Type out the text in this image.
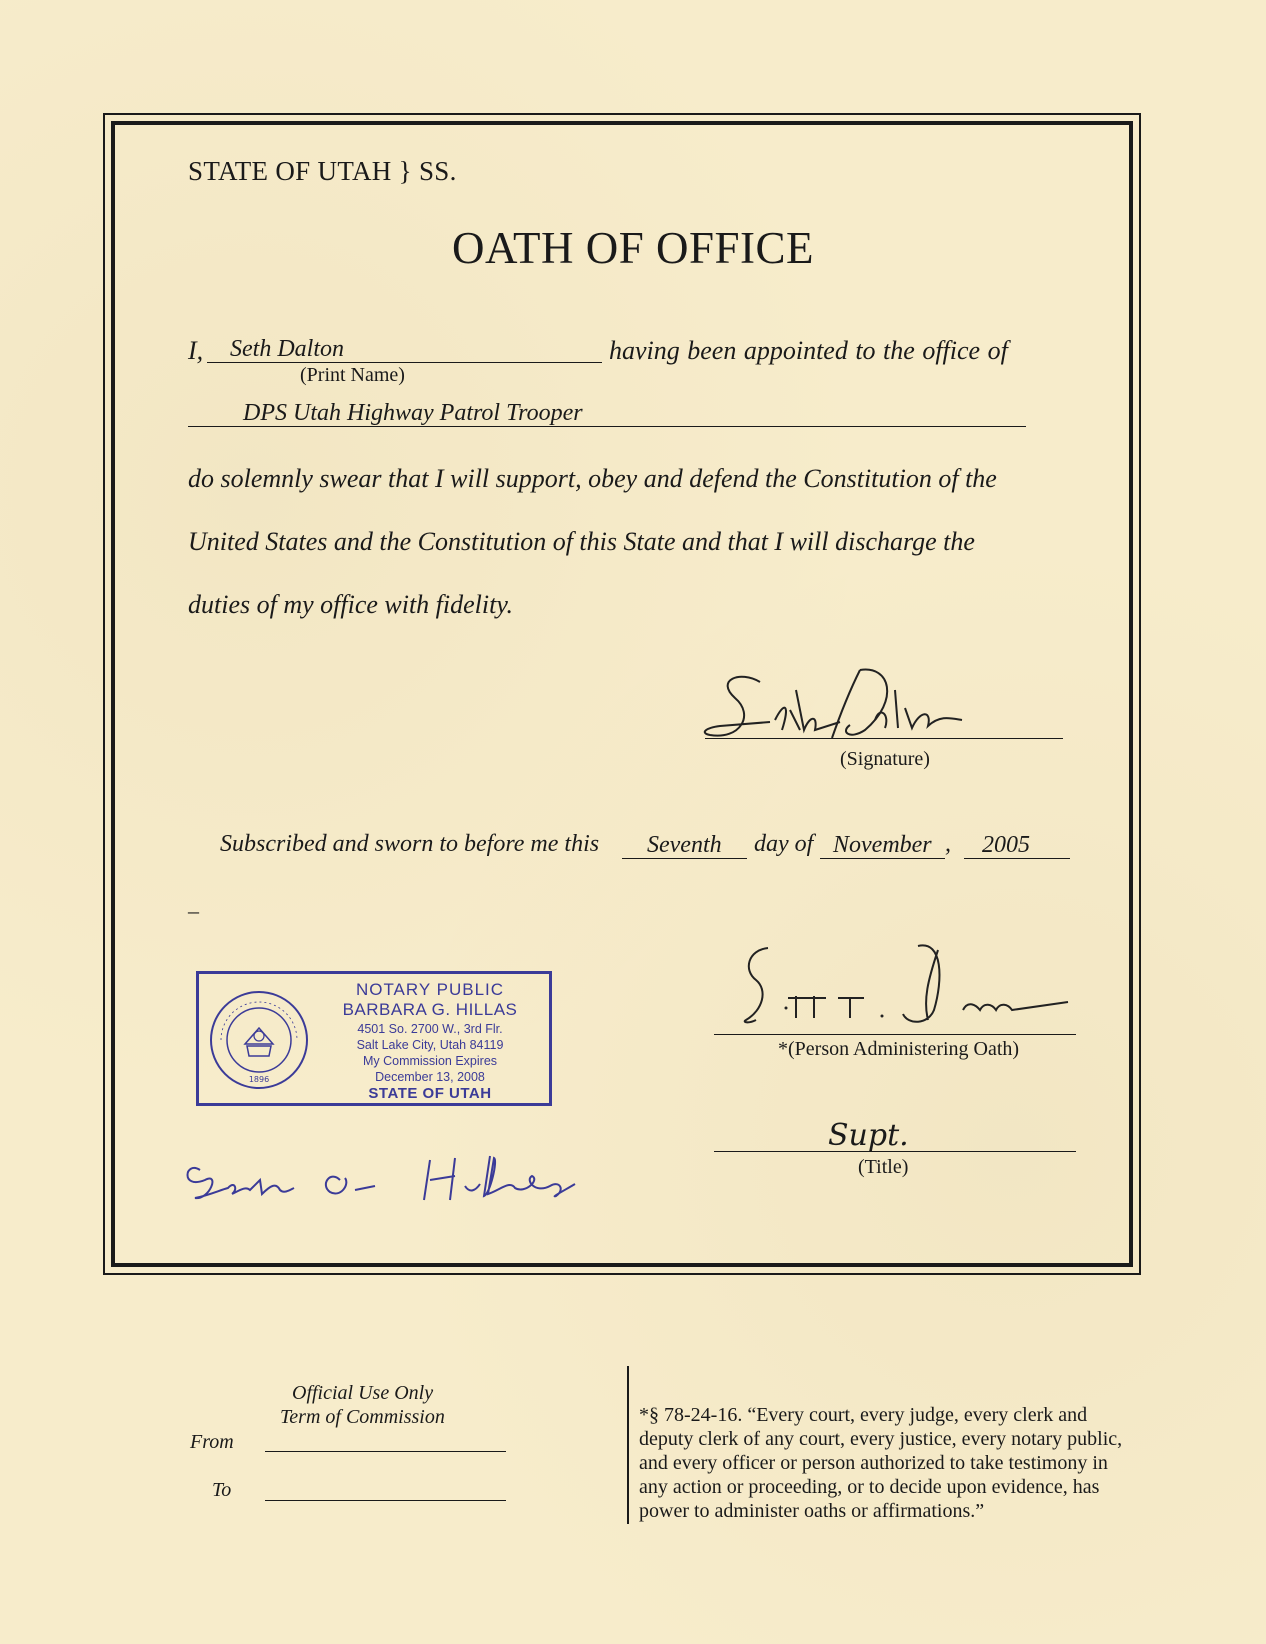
STATE OF UTAH } SS.
OATH OF OFFICE
I, Seth Dalton	having been appointed to the office of
(Print Name)
DPS Utah Highway Patrol Trooper
do solemnly swear that I will support, obey and defend the Constitution of the
United States and the Constitution of this State and that I will discharge the
duties of my office with fidelity.
(Signature)
Subscribed and sworn to before me this Seventh day of November , 2005
–
1896
NOTARY PUBLIC
BARBARA G. HILLAS
4501 So. 2700 W., 3rd Flr.
Salt Lake City, Utah 84119
My Commission Expires
December 13, 2008
STATE OF UTAH
*(Person Administering Oath)
Supt.
(Title)
Official Use Only
Term of Commission
From
To
*§ 78-24-16. “Every court, every judge, every clerk and deputy clerk of any court, every justice, every notary public, and every officer or person authorized to take testimony in any action or proceeding, or to decide upon evidence, has power to administer oaths or affirmations.”
